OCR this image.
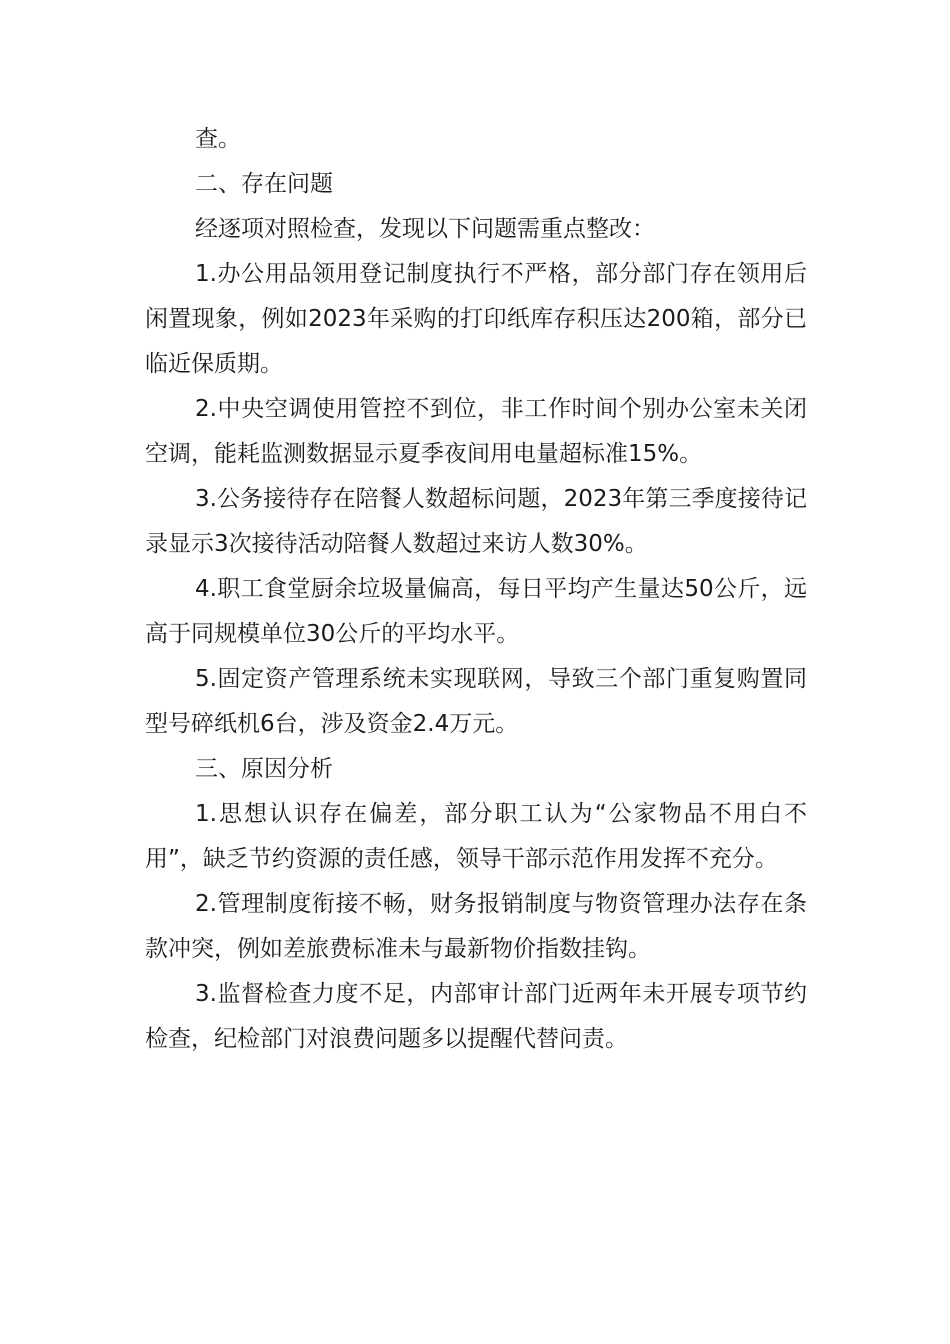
查。

二、存在问题

经逐项对照检查，发现以下问题需重点整改：

1.办公用品领用登记制度执行不严格，部分部门存在领用后闲置现象，例如2023年采购的打印纸库存积压达200箱，部分已临近保质期。

2.中央空调使用管控不到位，非工作时间个别办公室未关闭空调，能耗监测数据显示夏季夜间用电量超标准15%。

3.公务接待存在陪餐人数超标问题，2023年第三季度接待记录显示3次接待活动陪餐人数超过来访人数30%。

4.职工食堂厨余垃圾量偏高，每日平均产生量达50公斤，远高于同规模单位30公斤的平均水平。

5.固定资产管理系统未实现联网，导致三个部门重复购置同型号碎纸机6台，涉及资金2.4万元。

三、原因分析

1.思想认识存在偏差，部分职工认为“公家物品不用白不用”，缺乏节约资源的责任感，领导干部示范作用发挥不充分。

2.管理制度衔接不畅，财务报销制度与物资管理办法存在条款冲突，例如差旅费标准未与最新物价指数挂钩。

3.监督检查力度不足，内部审计部门近两年未开展专项节约检查，纪检部门对浪费问题多以提醒代替问责。
